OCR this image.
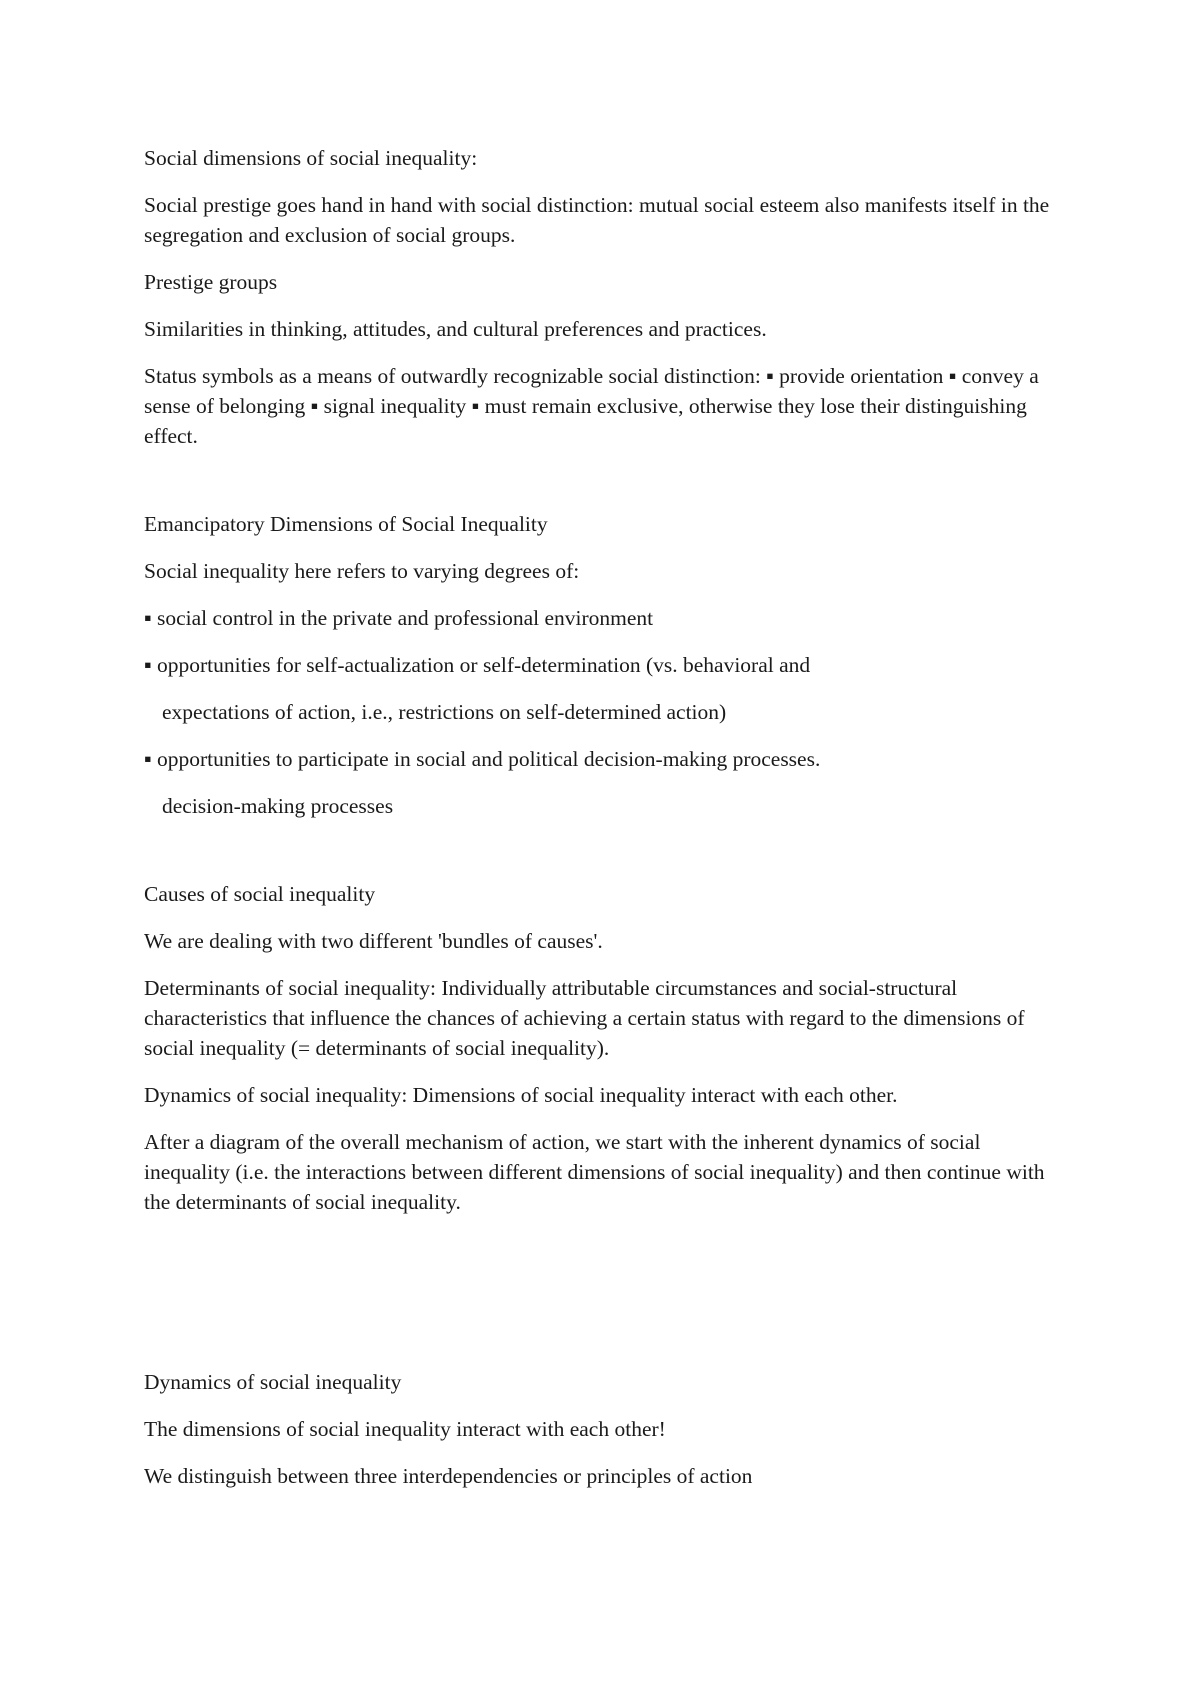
Social dimensions of social inequality:

Social prestige goes hand in hand with social distinction: mutual social esteem also manifests itself in the segregation and exclusion of social groups.

Prestige groups

Similarities in thinking, attitudes, and cultural preferences and practices.

Status symbols as a means of outwardly recognizable social distinction: ▪ provide orientation ▪ convey a sense of belonging ▪ signal inequality ▪ must remain exclusive, otherwise they lose their distinguishing effect.

Emancipatory Dimensions of Social Inequality

Social inequality here refers to varying degrees of:

▪ social control in the private and professional environment

▪ opportunities for self-actualization or self-determination (vs. behavioral and

expectations of action, i.e., restrictions on self-determined action)

▪ opportunities to participate in social and political decision-making processes.

decision-making processes

Causes of social inequality

We are dealing with two different 'bundles of causes'.

Determinants of social inequality: Individually attributable circumstances and social-structural characteristics that influence the chances of achieving a certain status with regard to the dimensions of social inequality (= determinants of social inequality).

Dynamics of social inequality: Dimensions of social inequality interact with each other.

After a diagram of the overall mechanism of action, we start with the inherent dynamics of social inequality (i.e. the interactions between different dimensions of social inequality) and then continue with the determinants of social inequality.

Dynamics of social inequality

The dimensions of social inequality interact with each other!

We distinguish between three interdependencies or principles of action
